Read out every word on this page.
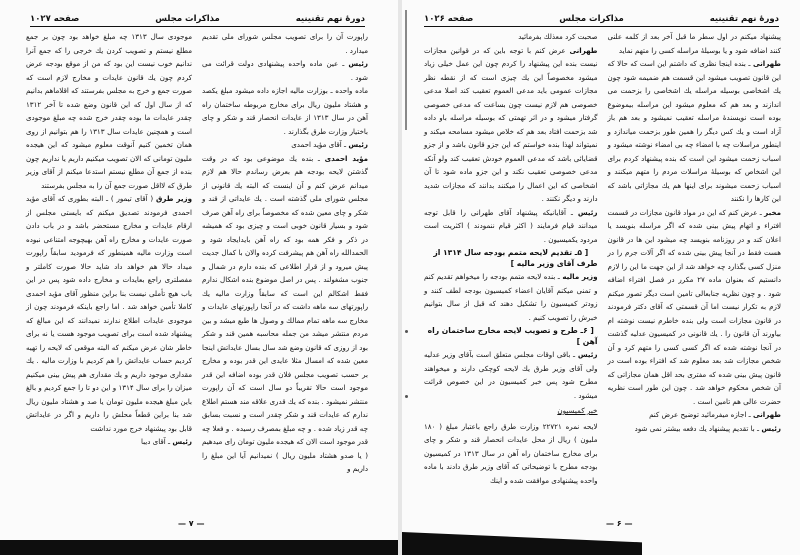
دورهٔ نهم تقنینیه
مذاکرات مجلس
صفحه ۱۰۲۷

راپورت آن را برای تصویب مجلس شورای ملی تقدیم میدارد .

رئیس ـ عین ماده واحده پیشنهادی دولت قرائت می شود .

ماده واحده ـ بوزارت مالیه اجازه داده میشود مبلغ یکصد و هشتاد ملیون ریال برای مخارج مربوطه ساختمان راه آهن در سال ۱۳۱۳ از عایدات انحصار قند و شکر و چای باختیار وزارت طرق بگذارند .

رئیس ـ آقای مؤید احمدی

مؤید احمدی ـ بنده یك موضوعی بود كه در وقت گذشتن لایحه بودجه هم بعرض رساندم حالا هم لازم میدانم عرض كنم و آن اینست كه البته یك قانونی از مجلس شورای ملی گذشته است . یك عایداتی از قند و شكر و چای معین شده كه مخصوصاً برای راه آهن صرف شود و بسیار قانون خوبی است و چیزی بود كه همیشه در ذكر و فكر همه بود كه راه آهن بایدایجاد شود و الحمدالله راه آهن هم پیشرفت كرده والان با كمال جدیت پیش میرود و از قرار اطلاعی كه بنده دارم در شمال و جنوب مشغولند . پس در اصل موضوع بنده اشكال ندارم فقط اشكالم این است كه سابقاً وزارت مالیه یك راپورتهای سه ماهه داشت كه در آنجا راپورتهای عایدات و مخارج سه ماهه تمام ممالك و وصول ها طبع میشد و بین مردم منتشر میشد من جمله محاسبه همین قند و شكر بود از روزی كه قانون وضع شد سال بسال عایداتش اینجا معین شده كه امسال مثلا عایدی این قدر بوده و مخارج بر حسب تصویب مجلس فلان قدر بوده اضافه این قدر موجود است حالا تقریباً دو سال است كه آن راپورت منتشر نمیشود . بنده كه یك قدری علاقه مند هستم اطلاع ندارم كه عایدات قند و شكر چقدر است و نسبت بسابق چه قدر زیاد شده . و چه مبلغ بمصرف رسیده . و فعلا چه قدر موجود است الان كه هیجده ملیون تومان رای میدهیم ( یا صدو هشتاد ملیون ریال ) نمیدانیم آیا این مبلغ را داریم و

موجودی سال ۱۳۱۳ چه مبلغ خواهد بود چون بر جمع مطلع نیستم و تصویب كردن یك خرجی را كه جمع آنرا ندانیم خوب نیست این بود كه من از موقع بودجه عرض كردم چون یك قانون عایدات و مخارج لازم است كه صورت جمع و خرج به مجلس بفرستند كه اقلاماهم بدانیم كه از سال اول كه این قانون وضع شده تا آخر ۱۳۱۲ چقدر عایدات ما بوده چقدر خرج شده چه مبلغ موجودی است و همچنین عایدات سال ۱۳۱۳ را هم بتوانیم از روی همان تخمین كنیم آنوقت معلوم میشود كه این هیجده ملیون تومانی كه الان تصویب میكنیم داریم یا نداریم چون بنده از جمع آن مطلع نیستم استدعا میكنم از آقای وزیر طرق كه لااقل صورت جمع آن را به مجلس بفرستند

وزیر طرق ( آقای تیمور ) ـ البته بطوری كه آقای مؤید احمدی فرمودند تصدیق میكنم كه بایستی مجلس از ارقام عایدات و مخارج مستحضر باشد و در باب دادن صورت عایدات و مخارج راه آهن بهیچوجه امتناعی نبوده است وزارت مالیه همینطور كه فرمودید سابقاً راپورت میداد حالا هم خواهد داد شاید حالا صورت كاملتر و مفصلتری راجع بعایدات و مخارج داده شود پس در این باب هیچ تأملی نیست بنا براین منظور آقای مؤید احمدی كاملا تأمین خواهد شد . اما راجع باینكه فرمودند چون از موجودی عایدات اطلاع ندارند نمیدانند كه این مبالغ كه پیشنهاد شده است برای تصویب موجود هست یا نه برای خاطر شان عرض میكنم كه البته موقعی كه لایحه را تهیه كردیم حساب عایداتش را هم كردیم با وزارت مالیه . یك مقداری موجود داریم و یك مقداری هم پیش بینی میكنیم میزان را برای سال ۱۳۱۴ و این دو تا را جمع كردیم و بالغ باین مبلغ هیجده ملیون تومان یا صد و هشتاد ملیون ریال شد بنا براین قطعاً محلش را داریم و اگر در عایداتش قابل بود پیشنهاد خرج مورد نداشت

رئیس ـ آقای دیبا

— ۷ —
دورهٔ نهم تقنینیه
مذاکرات مجلس
صفحه ۱۰۲۶

پیشنهاد میكنم در اول سطر ما قبل آخر بعد از كلمه علنی كنند اضافه شود و یا بوسیلهٔ مراسله كسی را متهم نماید

طهرانی ـ بنده اینجا نظری كه داشتم این است كه حالا كه این قانون تصویب میشود این قسمت هم ضمیمه شود چون یك اشخاصی بوسیله مراسله یك اشخاصی را بزحمت می اندازند و بعد هم كه معلوم میشود این مراسله بیموضوع بوده است نویسندهٔ مراسله تعقیب نمیشود و بعد هم باز آزاد است و یك كس دیگر را همین طور بزحمت میاندازد و اینطور مراسلات چه با امضاء چه بی امضاء نوشته میشود و اسباب زحمت میشود این است كه بنده پیشنهاد كردم برای این اشخاص كه بوسیلهٔ مراسلات مردم را متهم میكنند و اسباب زحمت میشوند برای اینها هم یك مجازاتی باشد كه این كارها را نكنند

مخبر ـ عرض كنم كه این در مواد قانون مجازات در قسمت افتراء و اتهام پیش بینی شده كه اگر مراسله بنویسد یا اعلان كند و در روزنامه بنویسد چه میشود این ها در قانون هست فقط در آنجا پیش بینی شده كه اگر آلات جرم را در منزل كسی بگذارد چه خواهد شد از این جهت ما این را لازم دانستیم كه بعنوان ماده ۲۷ مكرر در فصل افتراء اضافه شود . و چون نظریه جنابعالی تامین است دیگر تصور میكنم لازم به تكرار نیست اما آن قسمتی كه آقای دكتر فرمودند در قانون مجازات است ولی بنده خاطرم نیست نوشته ام بیاورند آن قانون را . یك قانونی در كمیسیون عدلیه گذشت در آنجا نوشته شده كه اگر كسی كسی را متهم كرد و آن شخص مجازات شد بعد معلوم شد كه افتراء بوده است در قانون پیش بینی شده كه مفتری بحد اقل همان مجازاتی كه آن شخص محكوم خواهد شد . چون این طور است نظریه حضرت عالی هم تامین است .

طهرانی ـ اجازه میفرمائید توضیح عرض كنم

رئیس ـ با تقدیم پیشنهاد یك دفعه بیشتر نمی شود

صحبت كرد معذلك بفرمائید

طهرانی عرض كنم با توجه باین كه در قوانین مجازات نیست بنده این پیشنهاد را كردم چون این عمل خیلی زیاد میشود مخصوصاً این یك چیزی است كه از نقطه نظر مجازات عمومی باید مدعی العموم تعقیب كند اصلا مدعی خصوصی هم لازم نیست چون بساعت كه مدعی خصوصی گرفتار میشود و در اثر تهمتی كه بوسیله مراسله باو داده شد بزحمت افتاد بعد هم كه خلاص میشود مسامحه میكند و نمیتواند لهذا بنده خواستم كه این جزو قانون باشد و از جزو قضایائی باشد كه مدعی العموم خودش تعقیب كند ولو آنكه مدعی خصوصی تعقیب نكند و این جزو ماده شود تا آن اشخاصی كه این اعمال را میكنند بدانند كه مجازات شدید دارند و دیگر نكنند .

رئیس ـ آقایانیكه پیشنهاد آقای طهرانی را قابل توجه میدانند قیام فرمایند ( اكثر قیام ننمودند ) اكثریت است مردود یكمیسیون .

[ ۵ـ تقدیم لایحه متمم بودجه سال ۱۳۱۴ از طرف آقای وزیر مالیه ]

وزیر مالیه ـ بنده لایحه متمم بودجه را میخواهم تقدیم كنم و تمنی میكنم آقایان اعضاء كمیسیون بودجه لطف كنند و زودتر كمیسیون را تشكیل دهند كه قبل از سال بتوانیم خبرش را تصویب كنیم .

[ ۶ـ طرح و تصویب لایحه مخارج ساختمان راه آهن ]

رئیس ـ باقی اوقات مجلس متعلق است بآقای وزیر عدلیه ولی آقای وزیر طرق یك لایحه كوچكی دارند و میخواهند مطرح شود پس خبر كمیسیون در این خصوص قرائت میشود .

خبر كمیسیون

لایحه نمره ۲۲۷۲۱ وزارت طرق راجع باعتبار مبلغ ( ۱۸۰ ملیون ) ریال از محل عایدات انحصار قند و شكر و چای برای مخارج ساختمان راه آهن در سال ۱۳۱۳ در كمیسیون بودجه مطرح با توضیحاتی كه آقای وزیر طرق دادند با ماده واحده پیشنهادی موافقت شده و اینك

— ۶ —
